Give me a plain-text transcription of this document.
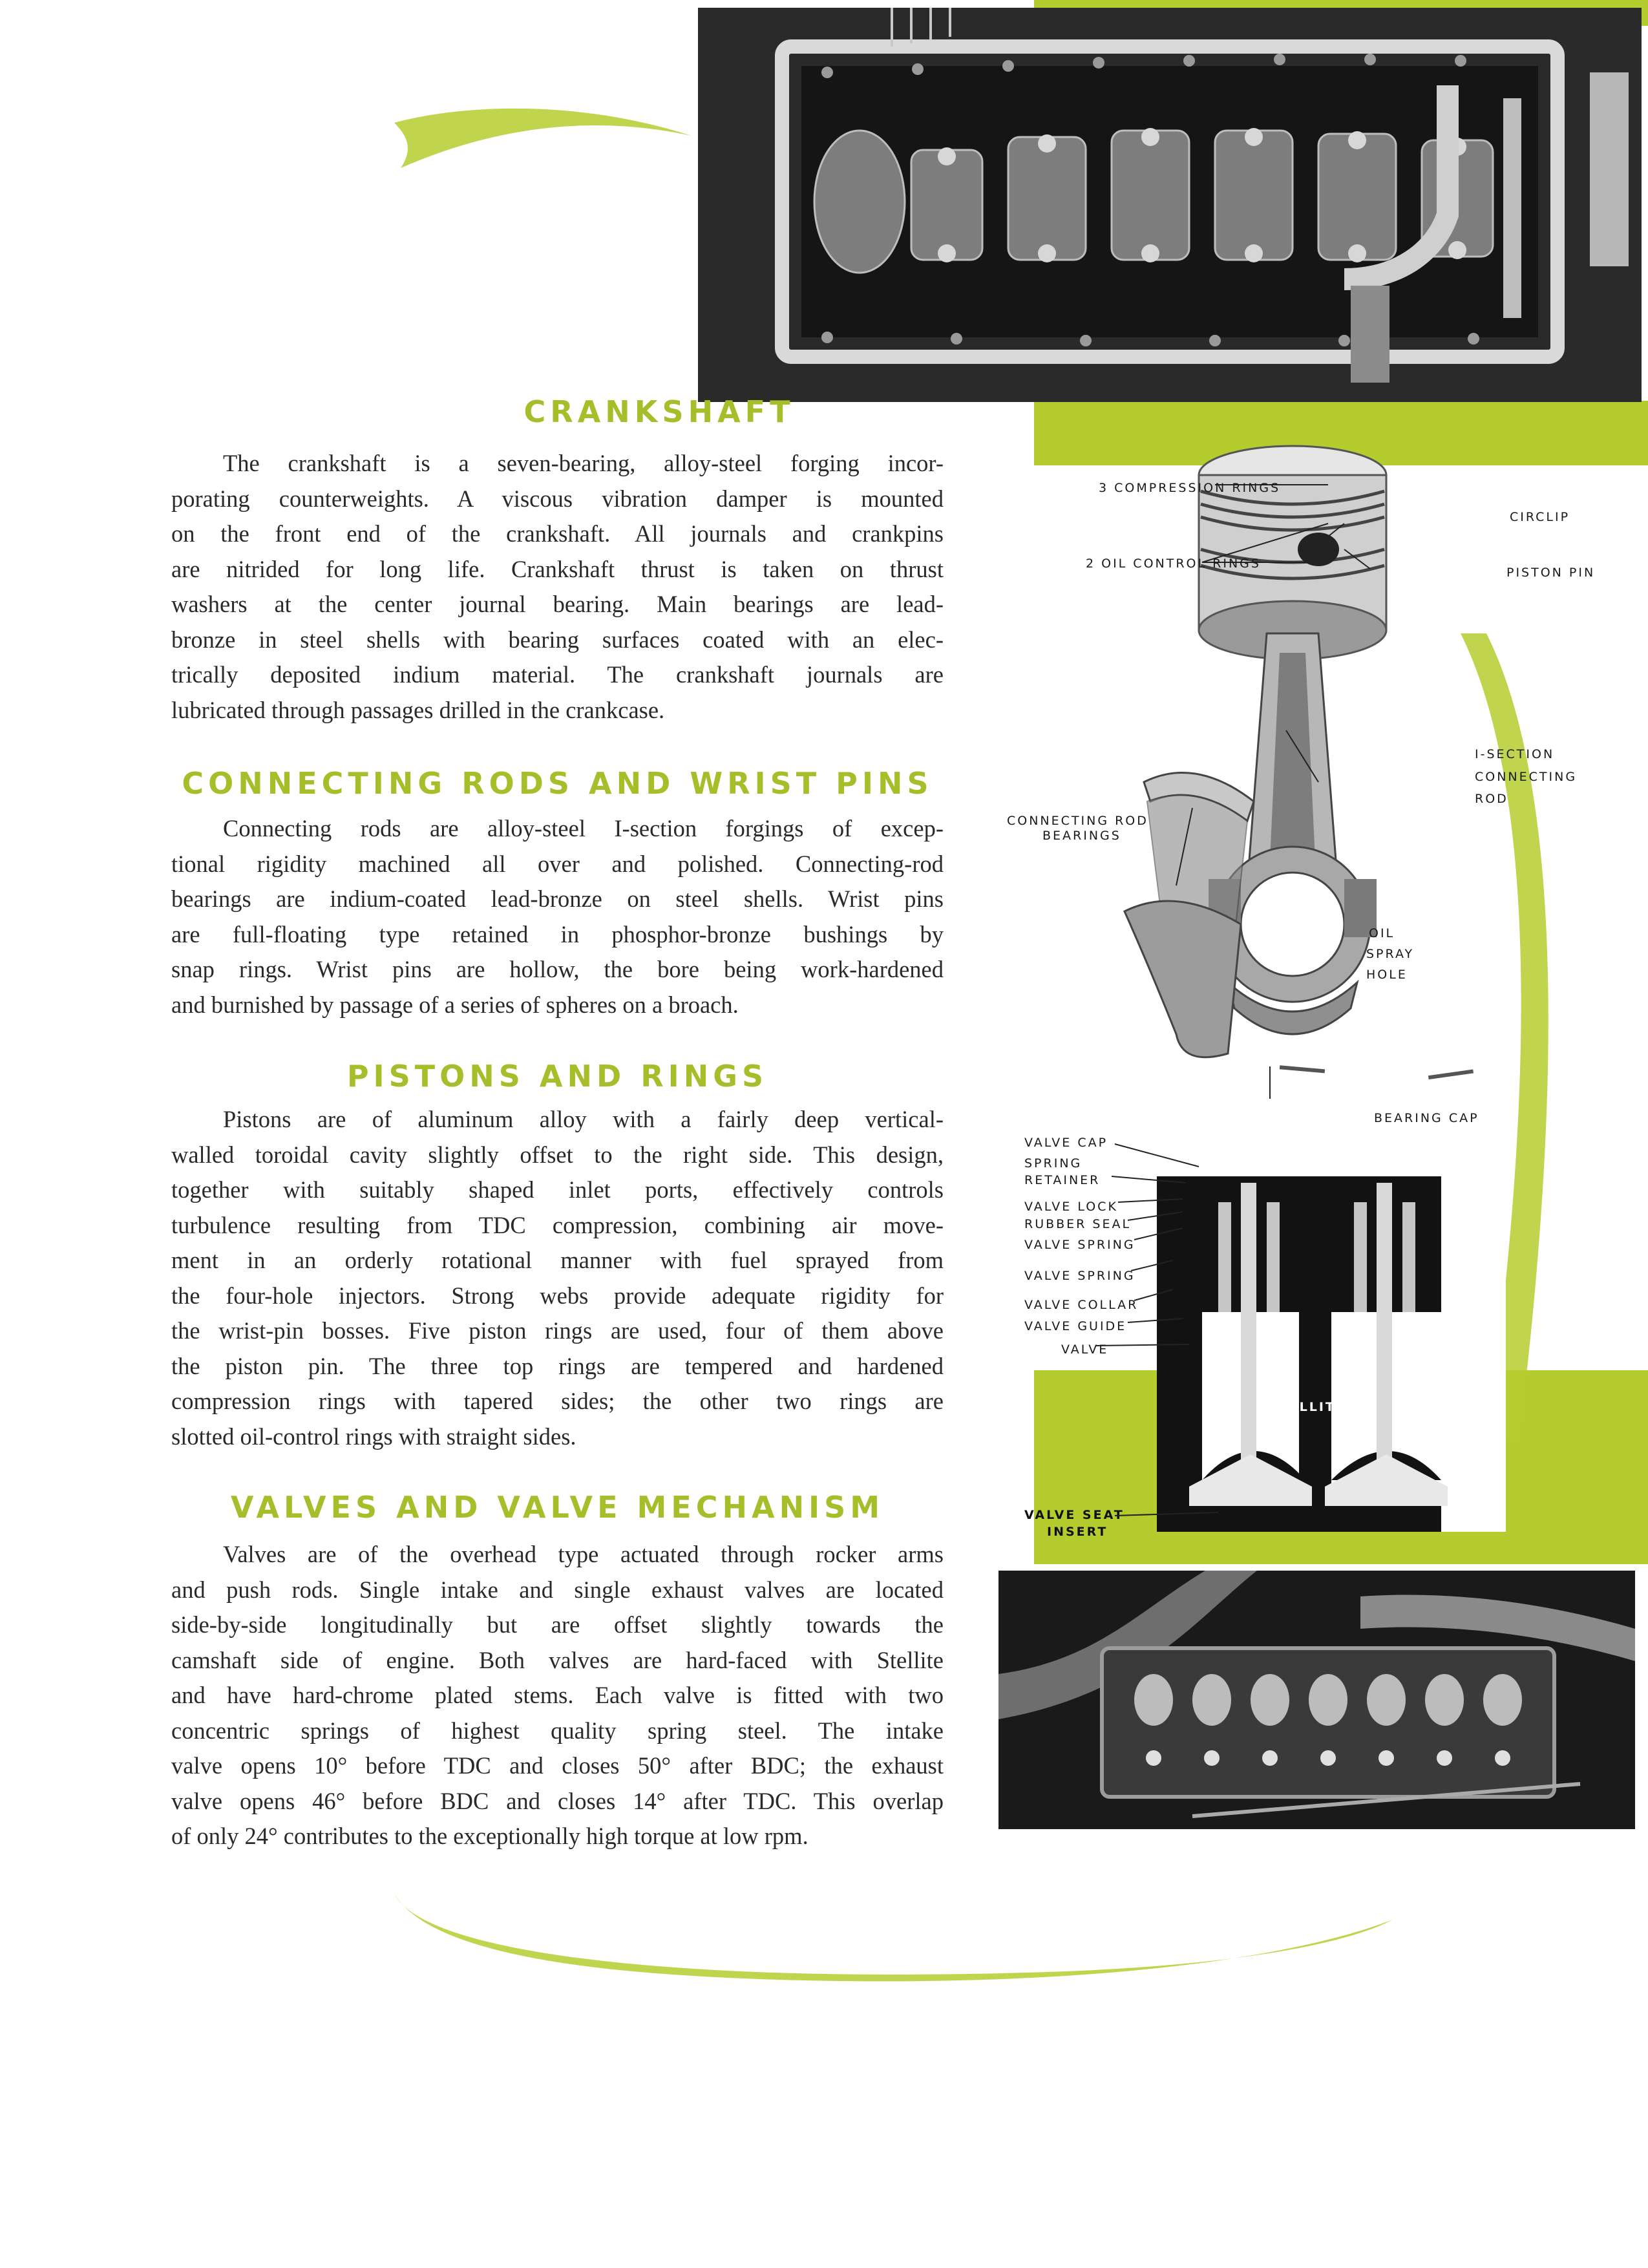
CRANKSHAFT
The crankshaft is a seven-bearing, alloy-steel forging incor-
porating counterweights. A viscous vibration damper is mounted
on the front end of the crankshaft. All journals and crankpins
are nitrided for long life. Crankshaft thrust is taken on thrust
washers at the center journal bearing. Main bearings are lead-
bronze in steel shells with bearing surfaces coated with an elec-
trically deposited indium material. The crankshaft journals are
lubricated through passages drilled in the crankcase.
CONNECTING RODS AND WRIST PINS
Connecting rods are alloy-steel I-section forgings of excep-
tional rigidity machined all over and polished. Connecting-rod
bearings are indium-coated lead-bronze on steel shells. Wrist pins
are full-floating type retained in phosphor-bronze bushings by
snap rings. Wrist pins are hollow, the bore being work-hardened
and burnished by passage of a series of spheres on a broach.
PISTONS AND RINGS
Pistons are of aluminum alloy with a fairly deep vertical-
walled toroidal cavity slightly offset to the right side. This design,
together with suitably shaped inlet ports, effectively controls
turbulence resulting from TDC compression, combining air move-
ment in an orderly rotational manner with fuel sprayed from
the four-hole injectors. Strong webs provide adequate rigidity for
the wrist-pin bosses. Five piston rings are used, four of them above
the piston pin. The three top rings are tempered and hardened
compression rings with tapered sides; the other two rings are
slotted oil-control rings with straight sides.
VALVES AND VALVE MECHANISM
Valves are of the overhead type actuated through rocker arms
and push rods. Single intake and single exhaust valves are located
side-by-side longitudinally but are offset slightly towards the
camshaft side of engine. Both valves are hard-faced with Stellite
and have hard-chrome plated stems. Each valve is fitted with two
concentric springs of highest quality spring steel. The intake
valve opens 10° before TDC and closes 50° after BDC; the exhaust
valve opens 46° before BDC and closes 14° after TDC. This overlap
of only 24° contributes to the exceptionally high torque at low rpm.
3 COMPRESSION RINGS
CIRCLIP
2 OIL CONTROL RINGS
PISTON PIN
I-SECTION
CONNECTING
ROD
CONNECTING ROD
BEARINGS
OIL
SPRAY
HOLE
BEARING CAP
VALVE CAP
SPRING
RETAINER
VALVE LOCK
RUBBER SEAL
VALVE SPRING
VALVE SPRING
VALVE COLLAR
VALVE GUIDE
VALVE
STELLITE
VALVE SEAT
INSERT
